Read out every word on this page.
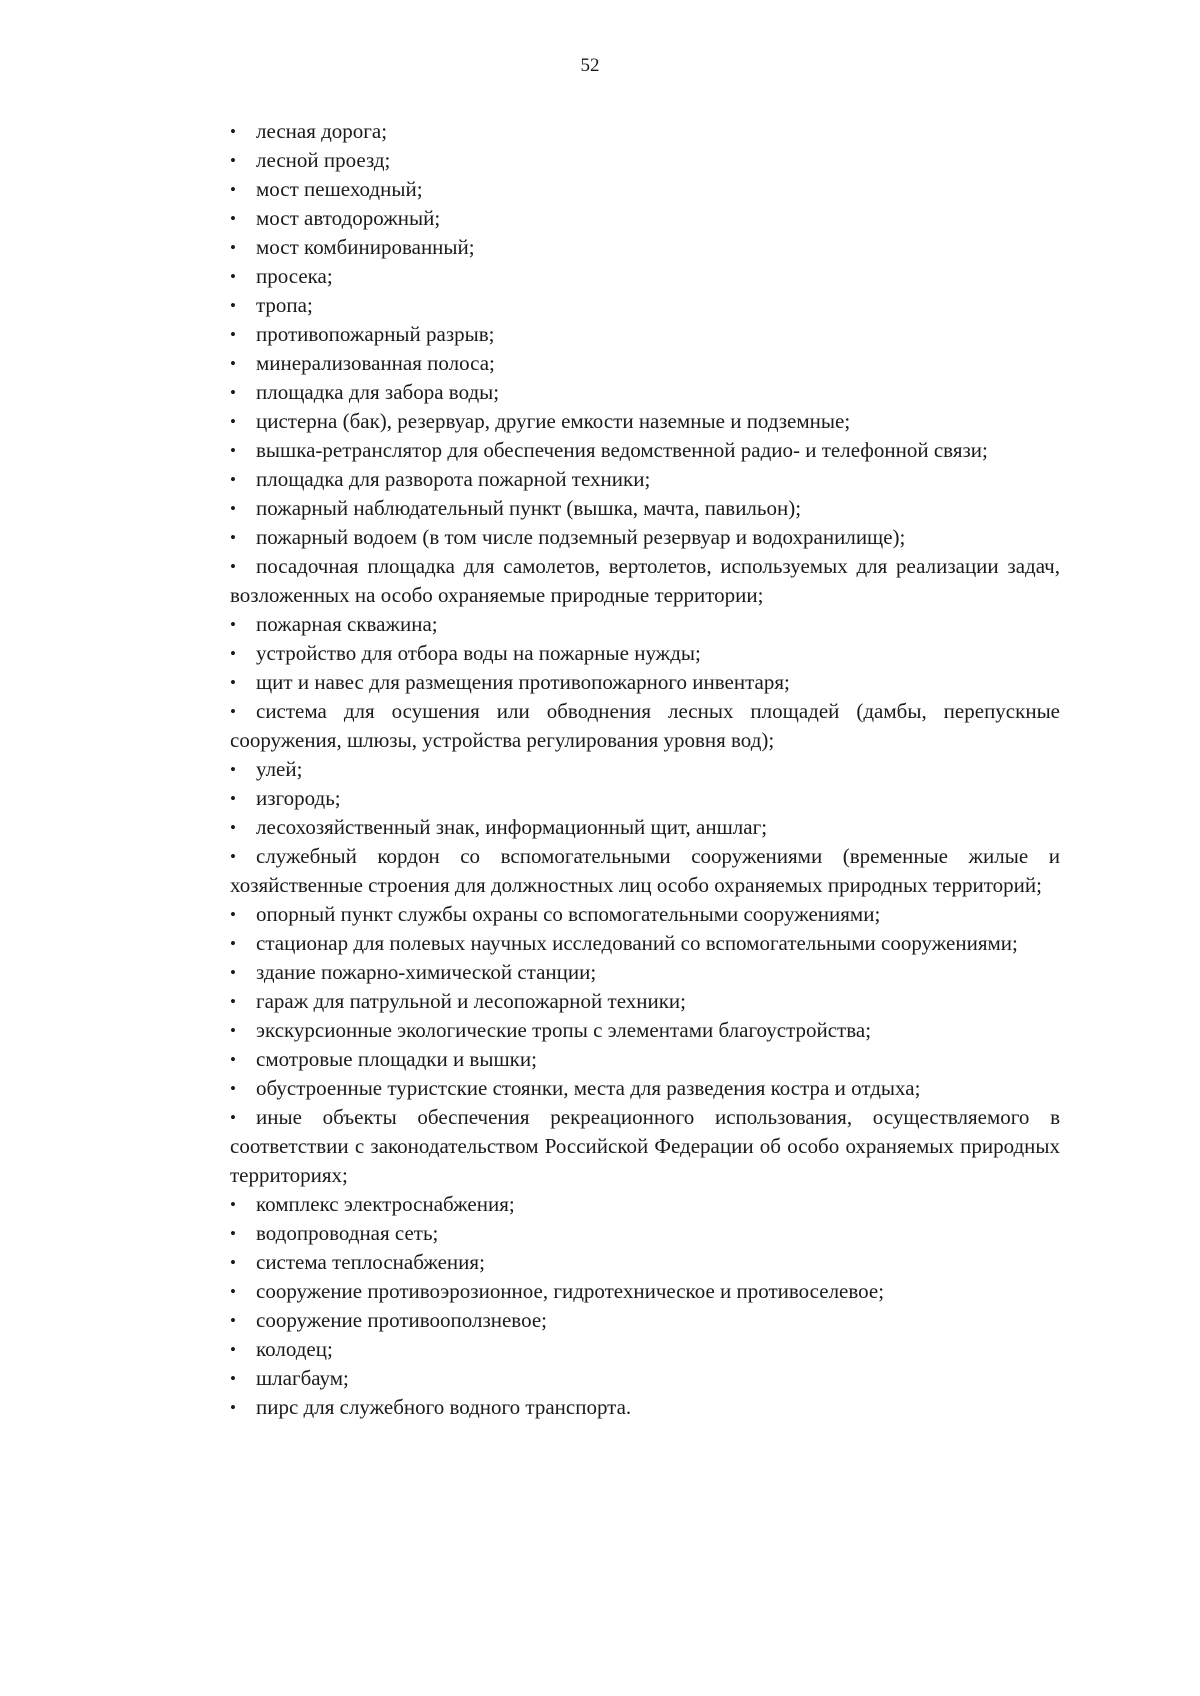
52
• лесная дорога;
• лесной проезд;
• мост пешеходный;
• мост автодорожный;
• мост комбинированный;
• просека;
• тропа;
• противопожарный разрыв;
• минерализованная полоса;
• площадка для забора воды;
• цистерна (бак), резервуар, другие емкости наземные и подземные;
• вышка-ретранслятор для обеспечения ведомственной радио- и телефонной связи;
• площадка для разворота пожарной техники;
• пожарный наблюдательный пункт (вышка, мачта, павильон);
• пожарный водоем (в том числе подземный резервуар и водохранилище);
• посадочная площадка для самолетов, вертолетов, используемых для реализации задач, возложенных на особо охраняемые природные территории;
• пожарная скважина;
• устройство для отбора воды на пожарные нужды;
• щит и навес для размещения противопожарного инвентаря;
• система для осушения или обводнения лесных площадей (дамбы, перепускные сооружения, шлюзы, устройства регулирования уровня вод);
• улей;
• изгородь;
• лесохозяйственный знак, информационный щит, аншлаг;
• служебный кордон со вспомогательными сооружениями (временные жилые и хозяйственные строения для должностных лиц особо охраняемых природных территорий;
• опорный пункт службы охраны со вспомогательными сооружениями;
• стационар для полевых научных исследований со вспомогательными сооружениями;
• здание пожарно-химической станции;
• гараж для патрульной и лесопожарной техники;
• экскурсионные экологические тропы с элементами благоустройства;
• смотровые площадки и вышки;
• обустроенные туристские стоянки, места для разведения костра и отдыха;
• иные объекты обеспечения рекреационного использования, осуществляемого в соответствии с законодательством Российской Федерации об особо охраняемых природных территориях;
• комплекс электроснабжения;
• водопроводная сеть;
• система теплоснабжения;
• сооружение противоэрозионное, гидротехническое и противоселевое;
• сооружение противооползневое;
• колодец;
• шлагбаум;
• пирс для служебного водного транспорта.
